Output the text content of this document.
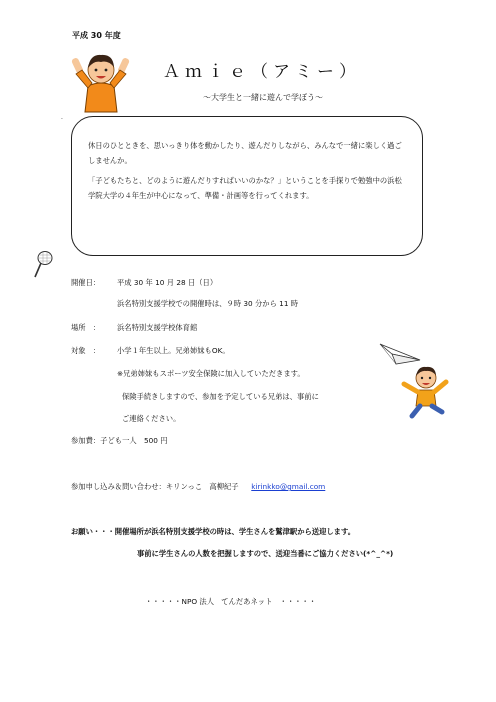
平成 30 年度
Ａｍｉｅ（アミー）
～大学生と一緒に遊んで学ぼう～
·

休日のひとときを、思いっきり体を動かしたり、遊んだりしながら、みんなで一緒に楽しく過ごしませんか。

「子どもたちと、どのように遊んだりすればいいのかな？」ということを手探りで勉強中の浜松学院大学の４年生が中心になって、準備・計画等を行ってくれます。

開催日： 平成 30 年 10 月 28 日（日）
浜名特別支援学校での開催時は、９時 30 分から 11 時
場所　： 浜名特別支援学校体育館
対象　： 小学１年生以上。兄弟姉妹もOK。
※兄弟姉妹もスポーツ安全保険に加入していただきます。
保険手続きしますので、参加を予定している兄弟は、事前に
ご連絡ください。
参加費：子ども一人　500 円
参加申し込み＆問い合わせ：キリンっこ　高柳紀子 kirinkko@gmail.com
お願い・・・開催場所が浜名特別支援学校の時は、学生さんを鷲津駅から送迎します。
事前に学生さんの人数を把握しますので、送迎当番にご協力ください(*^_^*)
・・・・・NPO 法人　てんだあネット　・・・・・
